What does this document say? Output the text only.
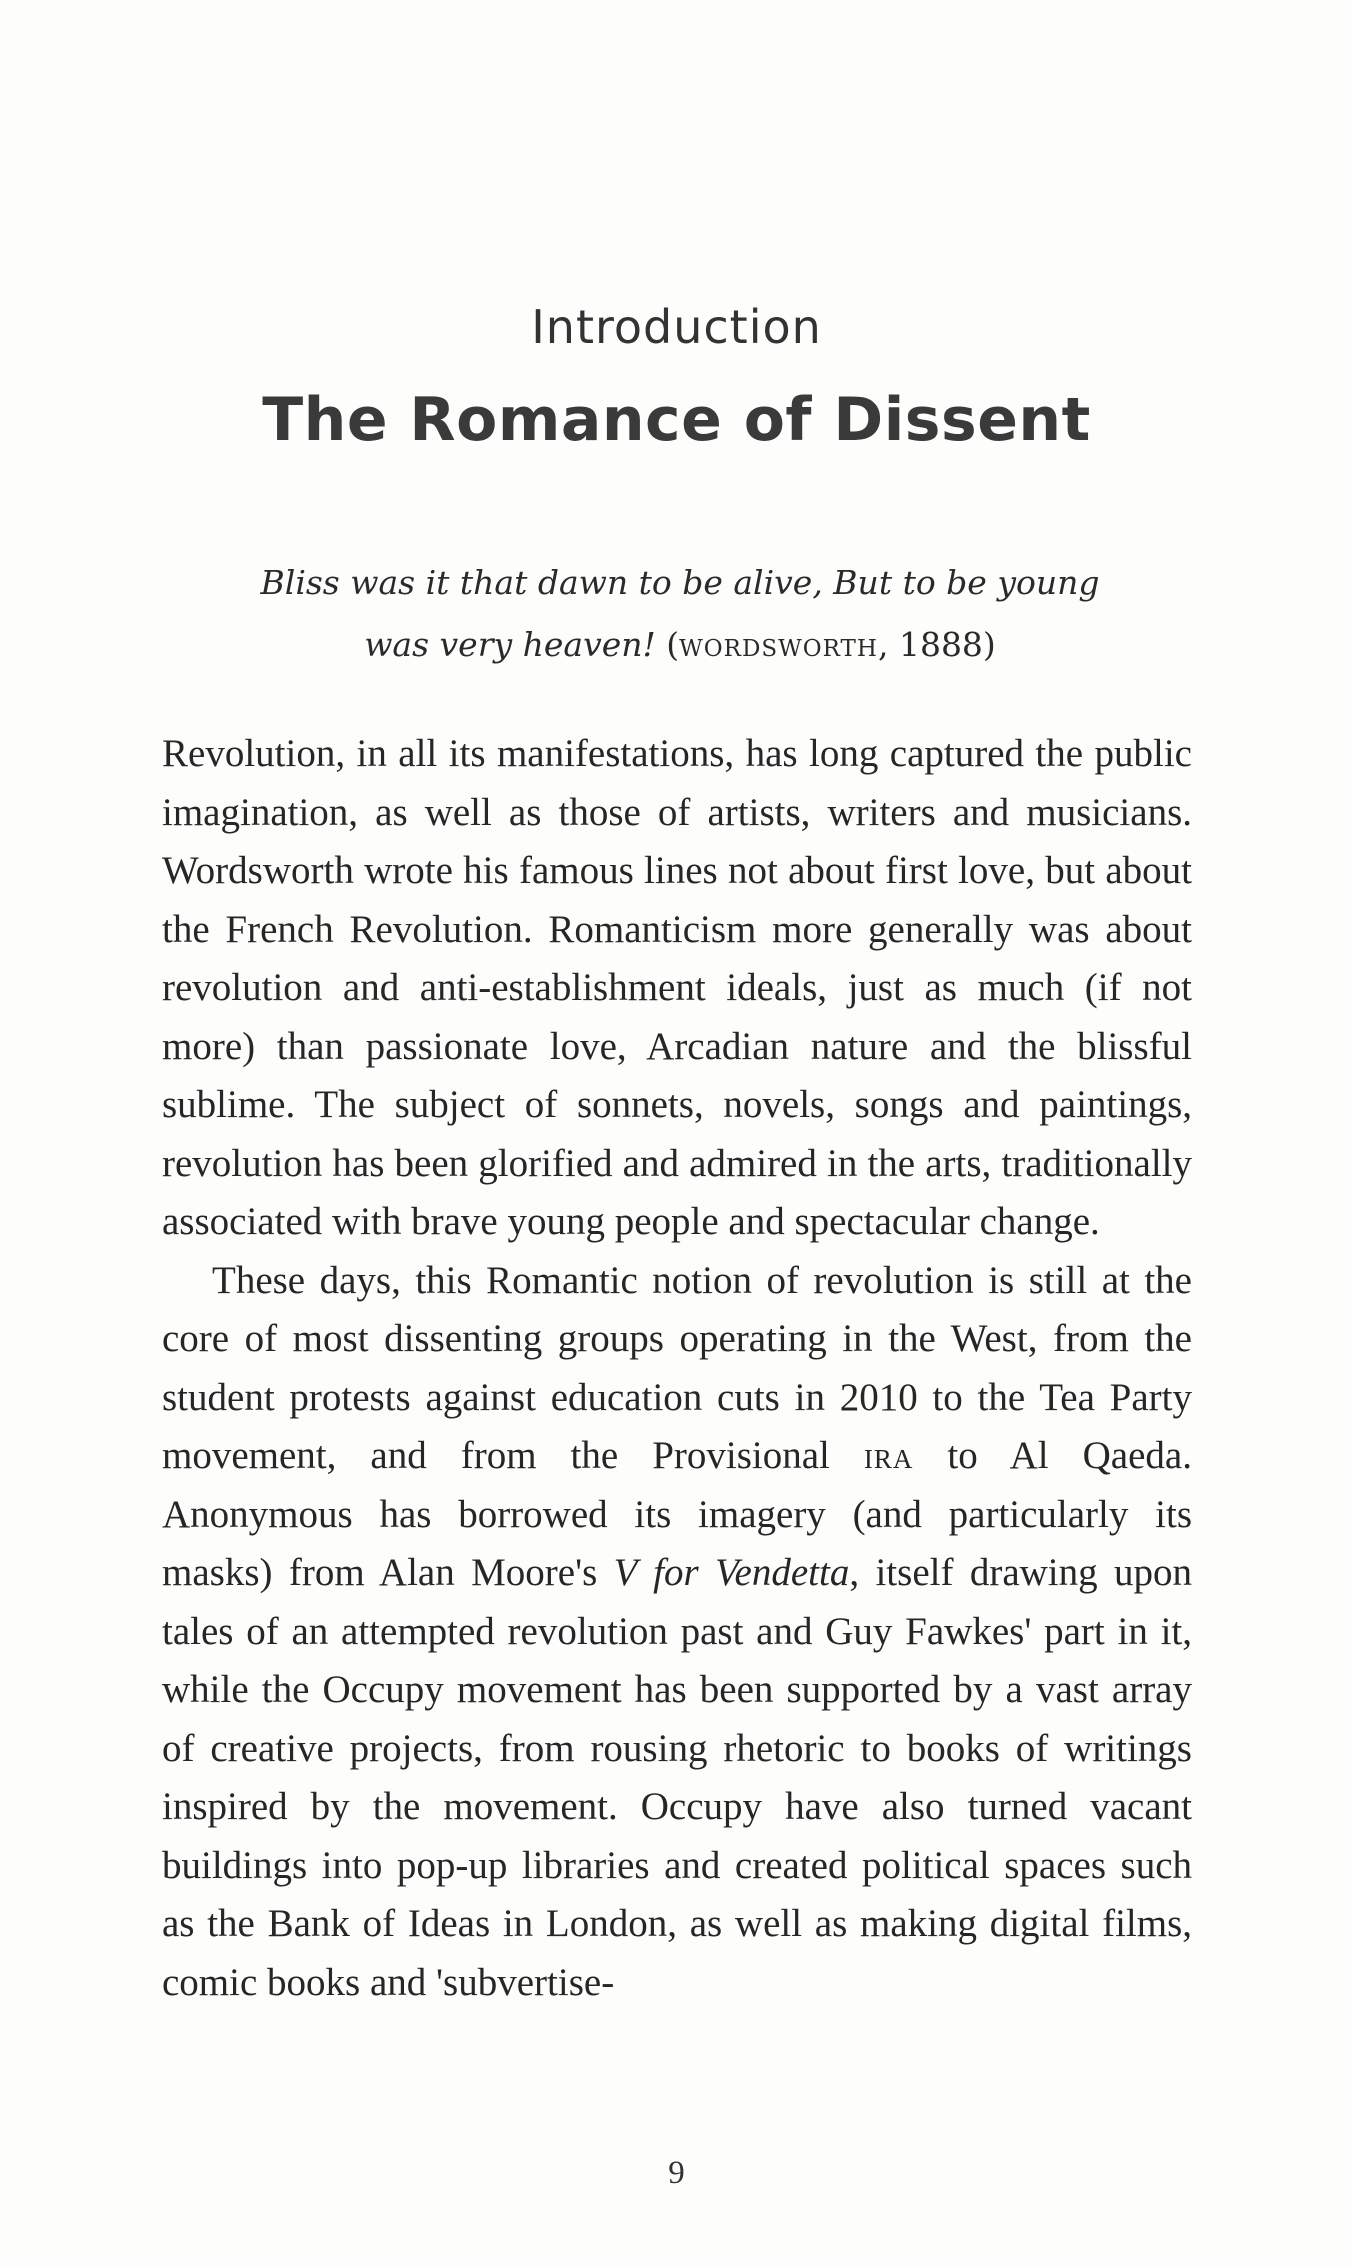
Introduction
The Romance of Dissent
Bliss was it that dawn to be alive, But to be young was very heaven! (wordsworth, 1888)

Revolution, in all its manifestations, has long captured the public imagination, as well as those of artists, writers and musicians. Wordsworth wrote his famous lines not about first love, but about the French Revolution. Romanticism more generally was about revolution and anti-establishment ideals, just as much (if not more) than passionate love, Arcadian nature and the blissful sublime. The subject of sonnets, novels, songs and paintings, revolution has been glorified and admired in the arts, traditionally associated with brave young people and spectacular change.

These days, this Romantic notion of revolution is still at the core of most dissenting groups operating in the West, from the student protests against education cuts in 2010 to the Tea Party movement, and from the Provisional ira to Al Qaeda. Anonymous has borrowed its imagery (and particularly its masks) from Alan Moore's V for Vendetta, itself drawing upon tales of an attempted revolution past and Guy Fawkes' part in it, while the Occupy movement has been supported by a vast array of creative projects, from rousing rhetoric to books of writings inspired by the movement. Occupy have also turned vacant buildings into pop-up libraries and created political spaces such as the Bank of Ideas in London, as well as making digital films, comic books and 'subvertise-

9
